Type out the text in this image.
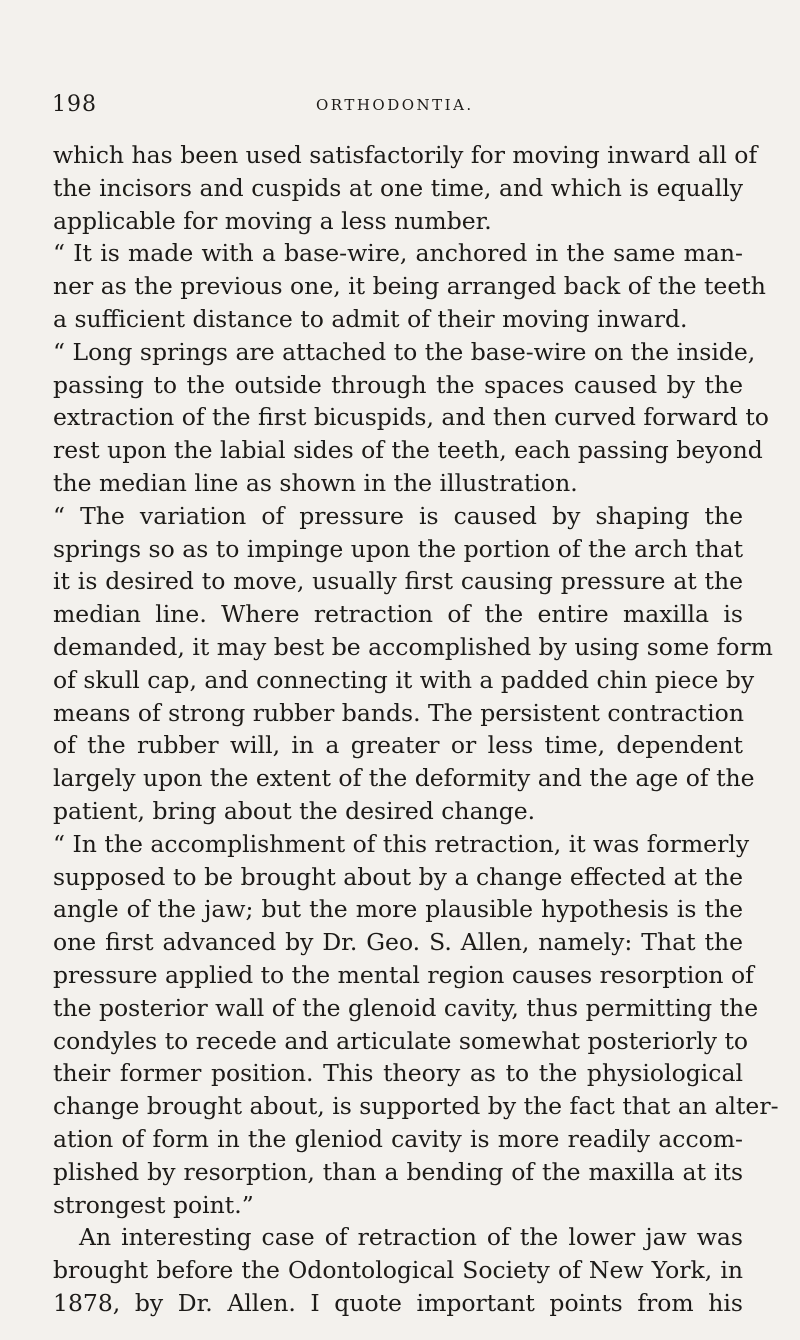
198	ORTHODONTIA.
which has been used satisfactorily for moving inward all of
the incisors and cuspids at one time, and which is equally
applicable for moving a less number.
“ It is made with a base-wire, anchored in the same man-
ner as the previous one, it being arranged back of the teeth
a sufficient distance to admit of their moving inward.
“ Long springs are attached to the base-wire on the inside,
passing to the outside through the spaces caused by the
extraction of the first bicuspids, and then curved forward to
rest upon the labial sides of the teeth, each passing beyond
the median line as shown in the illustration.
“ The variation of pressure is caused by shaping the
springs so as to impinge upon the portion of the arch that
it is desired to move, usually first causing pressure at the
median line. Where retraction of the entire maxilla is
demanded, it may best be accomplished by using some form
of skull cap, and connecting it with a padded chin piece by
means of strong rubber bands. The persistent contraction
of the rubber will, in a greater or less time, dependent
largely upon the extent of the deformity and the age of the
patient, bring about the desired change.
“ In the accomplishment of this retraction, it was formerly
supposed to be brought about by a change effected at the
angle of the jaw; but the more plausible hypothesis is the
one first advanced by Dr. Geo. S. Allen, namely: That the
pressure applied to the mental region causes resorption of
the posterior wall of the glenoid cavity, thus permitting the
condyles to recede and articulate somewhat posteriorly to
their former position. This theory as to the physiological
change brought about, is supported by the fact that an alter-
ation of form in the gleniod cavity is more readily accom-
plished by resorption, than a bending of the maxilla at its
strongest point.”
An interesting case of retraction of the lower jaw was
brought before the Odontological Society of New York, in
1878, by Dr. Allen. I quote important points from his
